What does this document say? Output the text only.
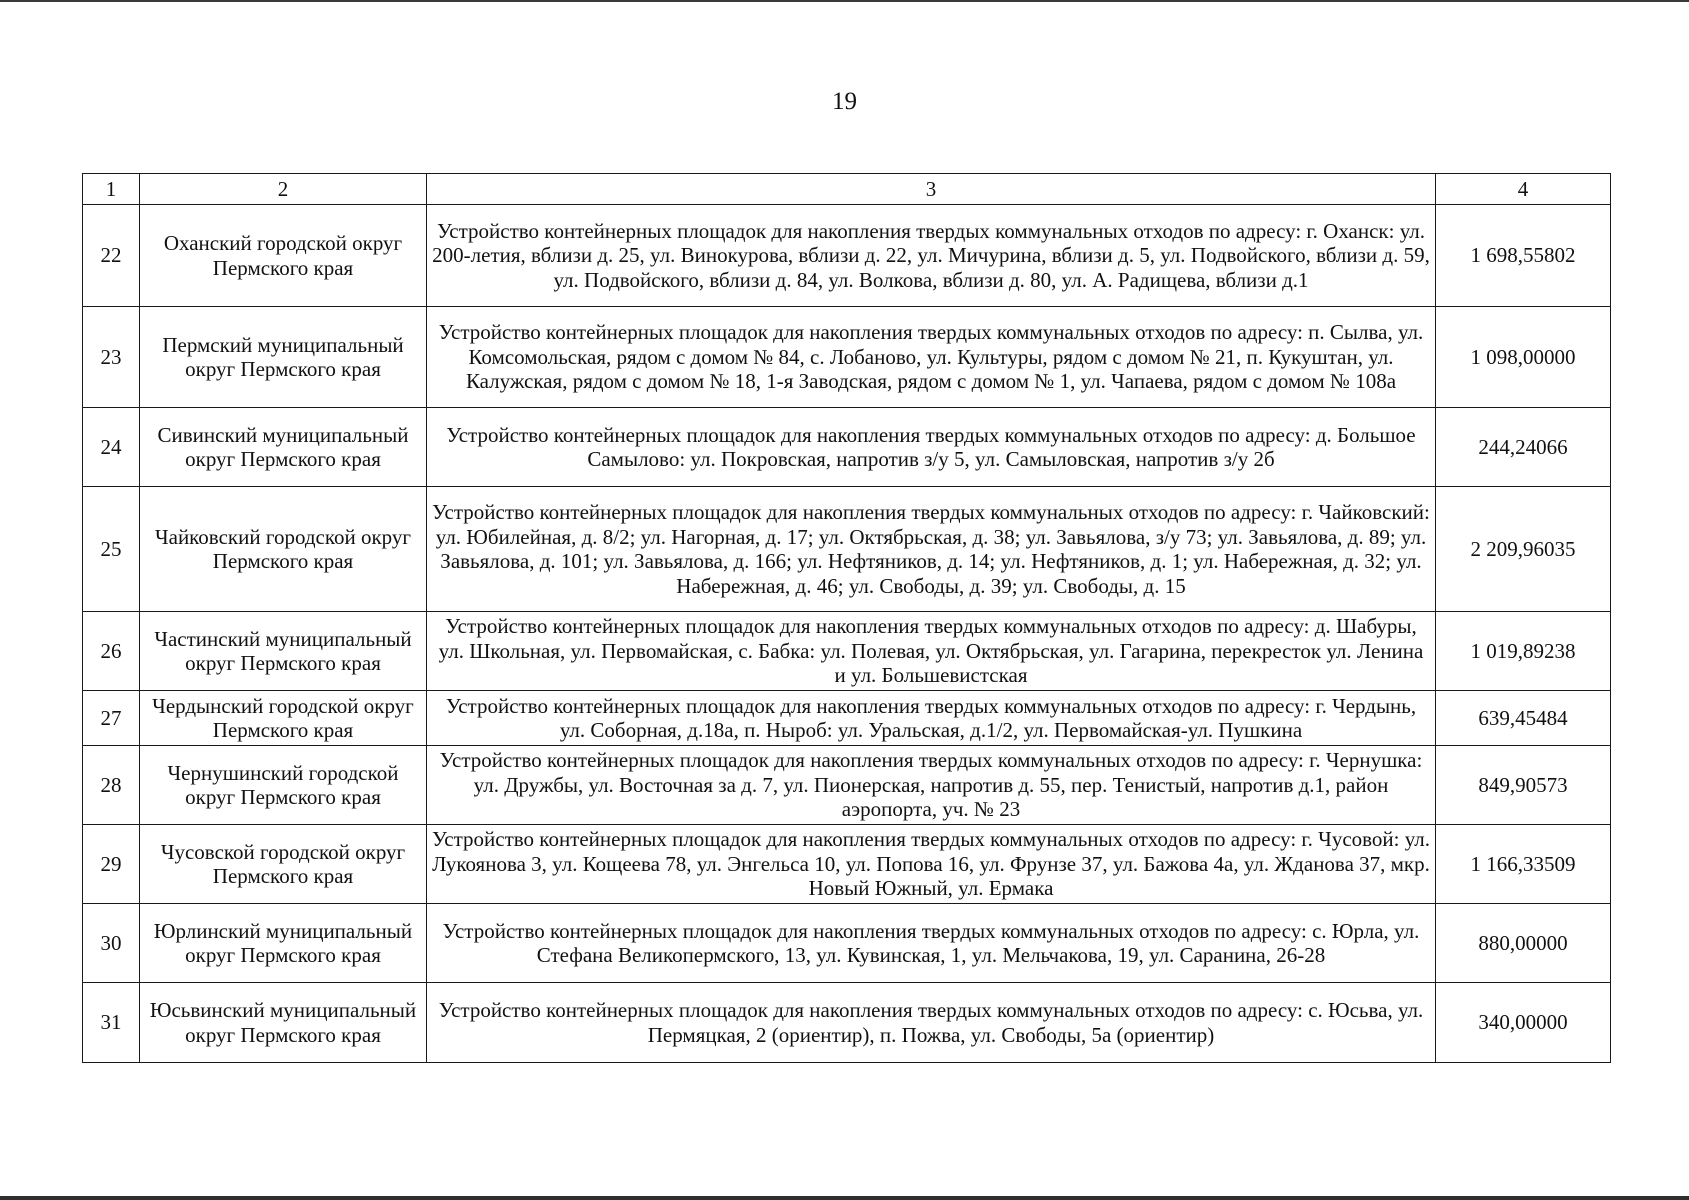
19
1	2	3	4
22	Оханский городской округ Пермского края	Устройство контейнерных площадок для накопления твердых коммунальных отходов по адресу: г. Оханск: ул. 200-летия, вблизи д. 25, ул. Винокурова, вблизи д. 22, ул. Мичурина, вблизи д. 5, ул. Подвойского, вблизи д. 59, ул. Подвойского, вблизи д. 84, ул. Волкова, вблизи д. 80, ул. А. Радищева, вблизи д.1	1 698,55802
23	Пермский муниципальный округ Пермского края	Устройство контейнерных площадок для накопления твердых коммунальных отходов по адресу: п. Сылва, ул. Комсомольская, рядом с домом № 84, с. Лобаново, ул. Культуры, рядом с домом № 21, п. Кукуштан, ул. Калужская, рядом с домом № 18, 1-я Заводская, рядом с домом № 1, ул. Чапаева, рядом с домом № 108а	1 098,00000
24	Сивинский муниципальный округ Пермского края	Устройство контейнерных площадок для накопления твердых коммунальных отходов по адресу: д. Большое Самылово: ул. Покровская, напротив з/у 5, ул. Самыловская, напротив з/у 2б	244,24066
25	Чайковский городской округ Пермского края	Устройство контейнерных площадок для накопления твердых коммунальных отходов по адресу: г. Чайковский: ул. Юбилейная, д. 8/2; ул. Нагорная, д. 17; ул. Октябрьская, д. 38; ул. Завьялова, з/у 73; ул. Завьялова, д. 89; ул. Завьялова, д. 101; ул. Завьялова, д. 166; ул. Нефтяников, д. 14; ул. Нефтяников, д. 1; ул. Набережная, д. 32; ул. Набережная, д. 46; ул. Свободы, д. 39; ул. Свободы, д. 15	2 209,96035
26	Частинский муниципальный округ Пермского края	Устройство контейнерных площадок для накопления твердых коммунальных отходов по адресу: д. Шабуры, ул. Школьная, ул. Первомайская, с. Бабка: ул. Полевая, ул. Октябрьская, ул. Гагарина, перекресток ул. Ленина и ул. Большевистская	1 019,89238
27	Чердынский городской округ Пермского края	Устройство контейнерных площадок для накопления твердых коммунальных отходов по адресу: г. Чердынь, ул. Соборная, д.18а, п. Ныроб: ул. Уральская, д.1/2, ул. Первомайская-ул. Пушкина	639,45484
28	Чернушинский городской округ Пермского края	Устройство контейнерных площадок для накопления твердых коммунальных отходов по адресу: г. Чернушка: ул. Дружбы, ул. Восточная за д. 7, ул. Пионерская, напротив д. 55, пер. Тенистый, напротив д.1, район аэропорта, уч. № 23	849,90573
29	Чусовской городской округ Пермского края	Устройство контейнерных площадок для накопления твердых коммунальных отходов по адресу: г. Чусовой: ул. Лукоянова 3, ул. Кощеева 78, ул. Энгельса 10, ул. Попова 16, ул. Фрунзе 37, ул. Бажова 4а, ул. Жданова 37, мкр. Новый Южный, ул. Ермака	1 166,33509
30	Юрлинский муниципальный округ Пермского края	Устройство контейнерных площадок для накопления твердых коммунальных отходов по адресу: с. Юрла, ул. Стефана Великопермского, 13, ул. Кувинская, 1, ул. Мельчакова, 19, ул. Саранина, 26-28	880,00000
31	Юсьвинский муниципальный округ Пермского края	Устройство контейнерных площадок для накопления твердых коммунальных отходов по адресу: с. Юсьва, ул. Пермяцкая, 2 (ориентир), п. Пожва, ул. Свободы, 5а (ориентир)	340,00000
